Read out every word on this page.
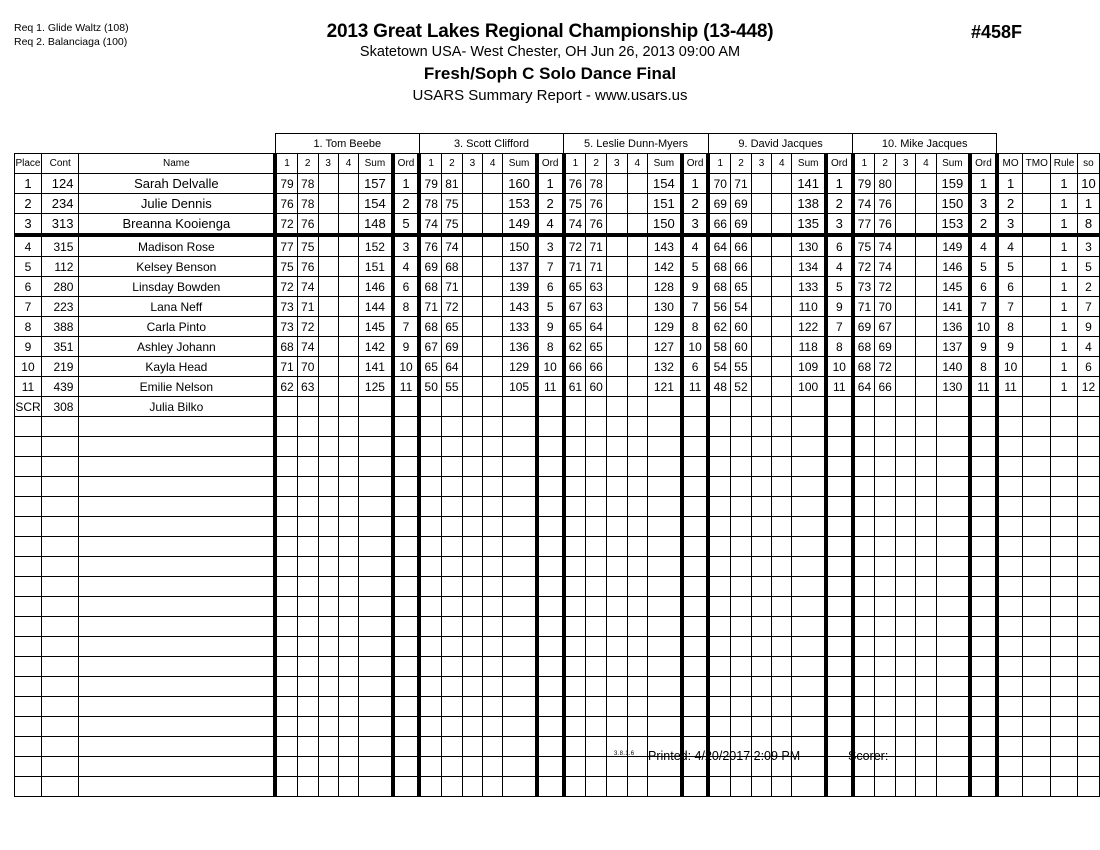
Req 1. Glide Waltz (108)
Req 2. Balanciaga (100)	2013 Great Lakes Regional Championship (13-448)
Skatetown USA- West Chester, OH Jun 26, 2013 09:00 AM
Fresh/Soph C Solo Dance Final
USARS Summary Report - www.usars.us
#458F
			1. Tom Beebe						3. Scott Clifford						5. Leslie Dunn-Myers						9. David Jacques						10. Mike Jacques									
Place	Cont	Name	1	2	3	4	Sum	Ord	1	2	3	4	Sum	Ord	1	2	3	4	Sum	Ord	1	2	3	4	Sum	Ord	1	2	3	4	Sum	Ord	MO	TMO	Rule	so
1	124	Sarah Delvalle	79	78			157	1	79	81			160	1	76	78			154	1	70	71			141	1	79	80			159	1	1		1	10
2	234	Julie Dennis	76	78			154	2	78	75			153	2	75	76			151	2	69	69			138	2	74	76			150	3	2		1	1
3	313	Breanna Kooienga	72	76			148	5	74	75			149	4	74	76			150	3	66	69			135	3	77	76			153	2	3		1	8
4	315	Madison Rose	77	75			152	3	76	74			150	3	72	71			143	4	64	66			130	6	75	74			149	4	4		1	3
5	112	Kelsey Benson	75	76			151	4	69	68			137	7	71	71			142	5	68	66			134	4	72	74			146	5	5		1	5
6	280	Linsday Bowden	72	74			146	6	68	71			139	6	65	63			128	9	68	65			133	5	73	72			145	6	6		1	2
7	223	Lana Neff	73	71			144	8	71	72			143	5	67	63			130	7	56	54			110	9	71	70			141	7	7		1	7
8	388	Carla Pinto	73	72			145	7	68	65			133	9	65	64			129	8	62	60			122	7	69	67			136	10	8		1	9
9	351	Ashley Johann	68	74			142	9	67	69			136	8	62	65			127	10	58	60			118	8	68	69			137	9	9		1	4
10	219	Kayla Head	71	70			141	10	65	64			129	10	66	66			132	6	54	55			109	10	68	72			140	8	10		1	6
11	439	Emilie Nelson	62	63			125	11	50	55			105	11	61	60			121	11	48	52			100	11	64	66			130	11	11		1	12
SCR	308	Julia Bilko																																		

3.8.1.6 Printed: 4/20/2017 2:09 PM	Scorer:
